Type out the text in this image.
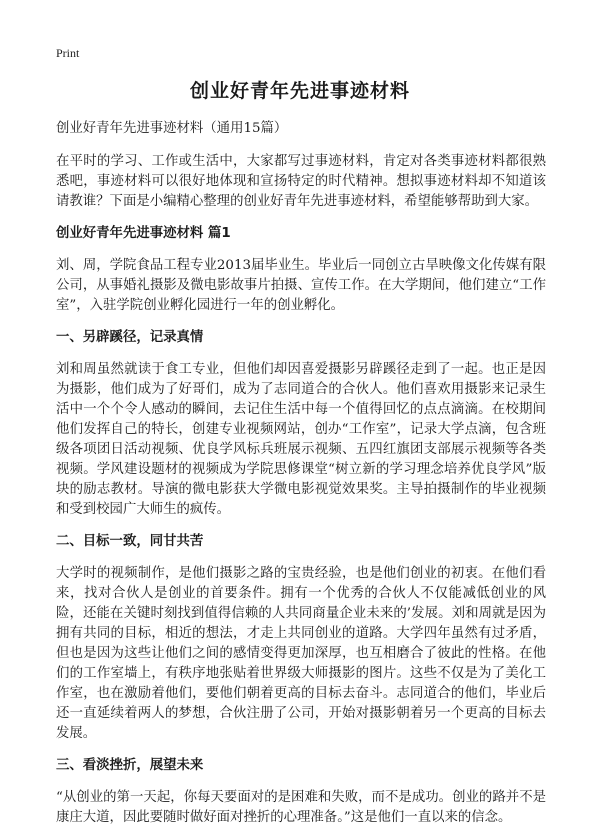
Print
创业好青年先进事迹材料

创业好青年先进事迹材料（通用15篇）

在平时的学习、工作或生活中，大家都写过事迹材料，肯定对各类事迹材料都很熟悉吧，事迹材料可以很好地体现和宣扬特定的时代精神。想拟事迹材料却不知道该请教谁？下面是小编精心整理的创业好青年先进事迹材料，希望能够帮助到大家。

创业好青年先进事迹材料 篇1

刘、周，学院食品工程专业2013届毕业生。毕业后一同创立古旱映像文化传媒有限公司，从事婚礼摄影及微电影故事片拍摄、宣传工作。在大学期间，他们建立“工作室”，入驻学院创业孵化园进行一年的创业孵化。

一、另辟蹊径，记录真情

刘和周虽然就读于食工专业，但他们却因喜爱摄影另辟蹊径走到了一起。也正是因为摄影，他们成为了好哥们，成为了志同道合的合伙人。他们喜欢用摄影来记录生活中一个个令人感动的瞬间，去记住生活中每一个值得回忆的点点滴滴。在校期间他们发挥自己的特长，创建专业视频网站，创办“工作室”，记录大学点滴，包含班级各项团日活动视频、优良学风标兵班展示视频、五四红旗团支部展示视频等各类视频。学风建设题材的视频成为学院思修课堂“树立新的学习理念培养优良学风”版块的励志教材。导演的微电影获大学微电影视觉效果奖。主导拍摄制作的毕业视频和受到校园广大师生的疯传。

二、目标一致，同甘共苦

大学时的视频制作，是他们摄影之路的宝贵经验，也是他们创业的初衷。在他们看来，找对合伙人是创业的首要条件。拥有一个优秀的合伙人不仅能减低创业的风险，还能在关键时刻找到值得信赖的人共同商量企业未来的’发展。刘和周就是因为拥有共同的目标，相近的想法，才走上共同创业的道路。大学四年虽然有过矛盾，但也是因为这些让他们之间的感情变得更加深厚，也互相磨合了彼此的性格。在他们的工作室墙上，有秩序地张贴着世界级大师摄影的图片。这些不仅是为了美化工作室，也在激励着他们，要他们朝着更高的目标去奋斗。志同道合的他们，毕业后还一直延续着两人的梦想，合伙注册了公司，开始对摄影朝着另一个更高的目标去发展。

三、看淡挫折，展望未来

“从创业的第一天起，你每天要面对的是困难和失败，而不是成功。创业的路并不是康庄大道，因此要随时做好面对挫折的心理准备。”这是他们一直以来的信念。
